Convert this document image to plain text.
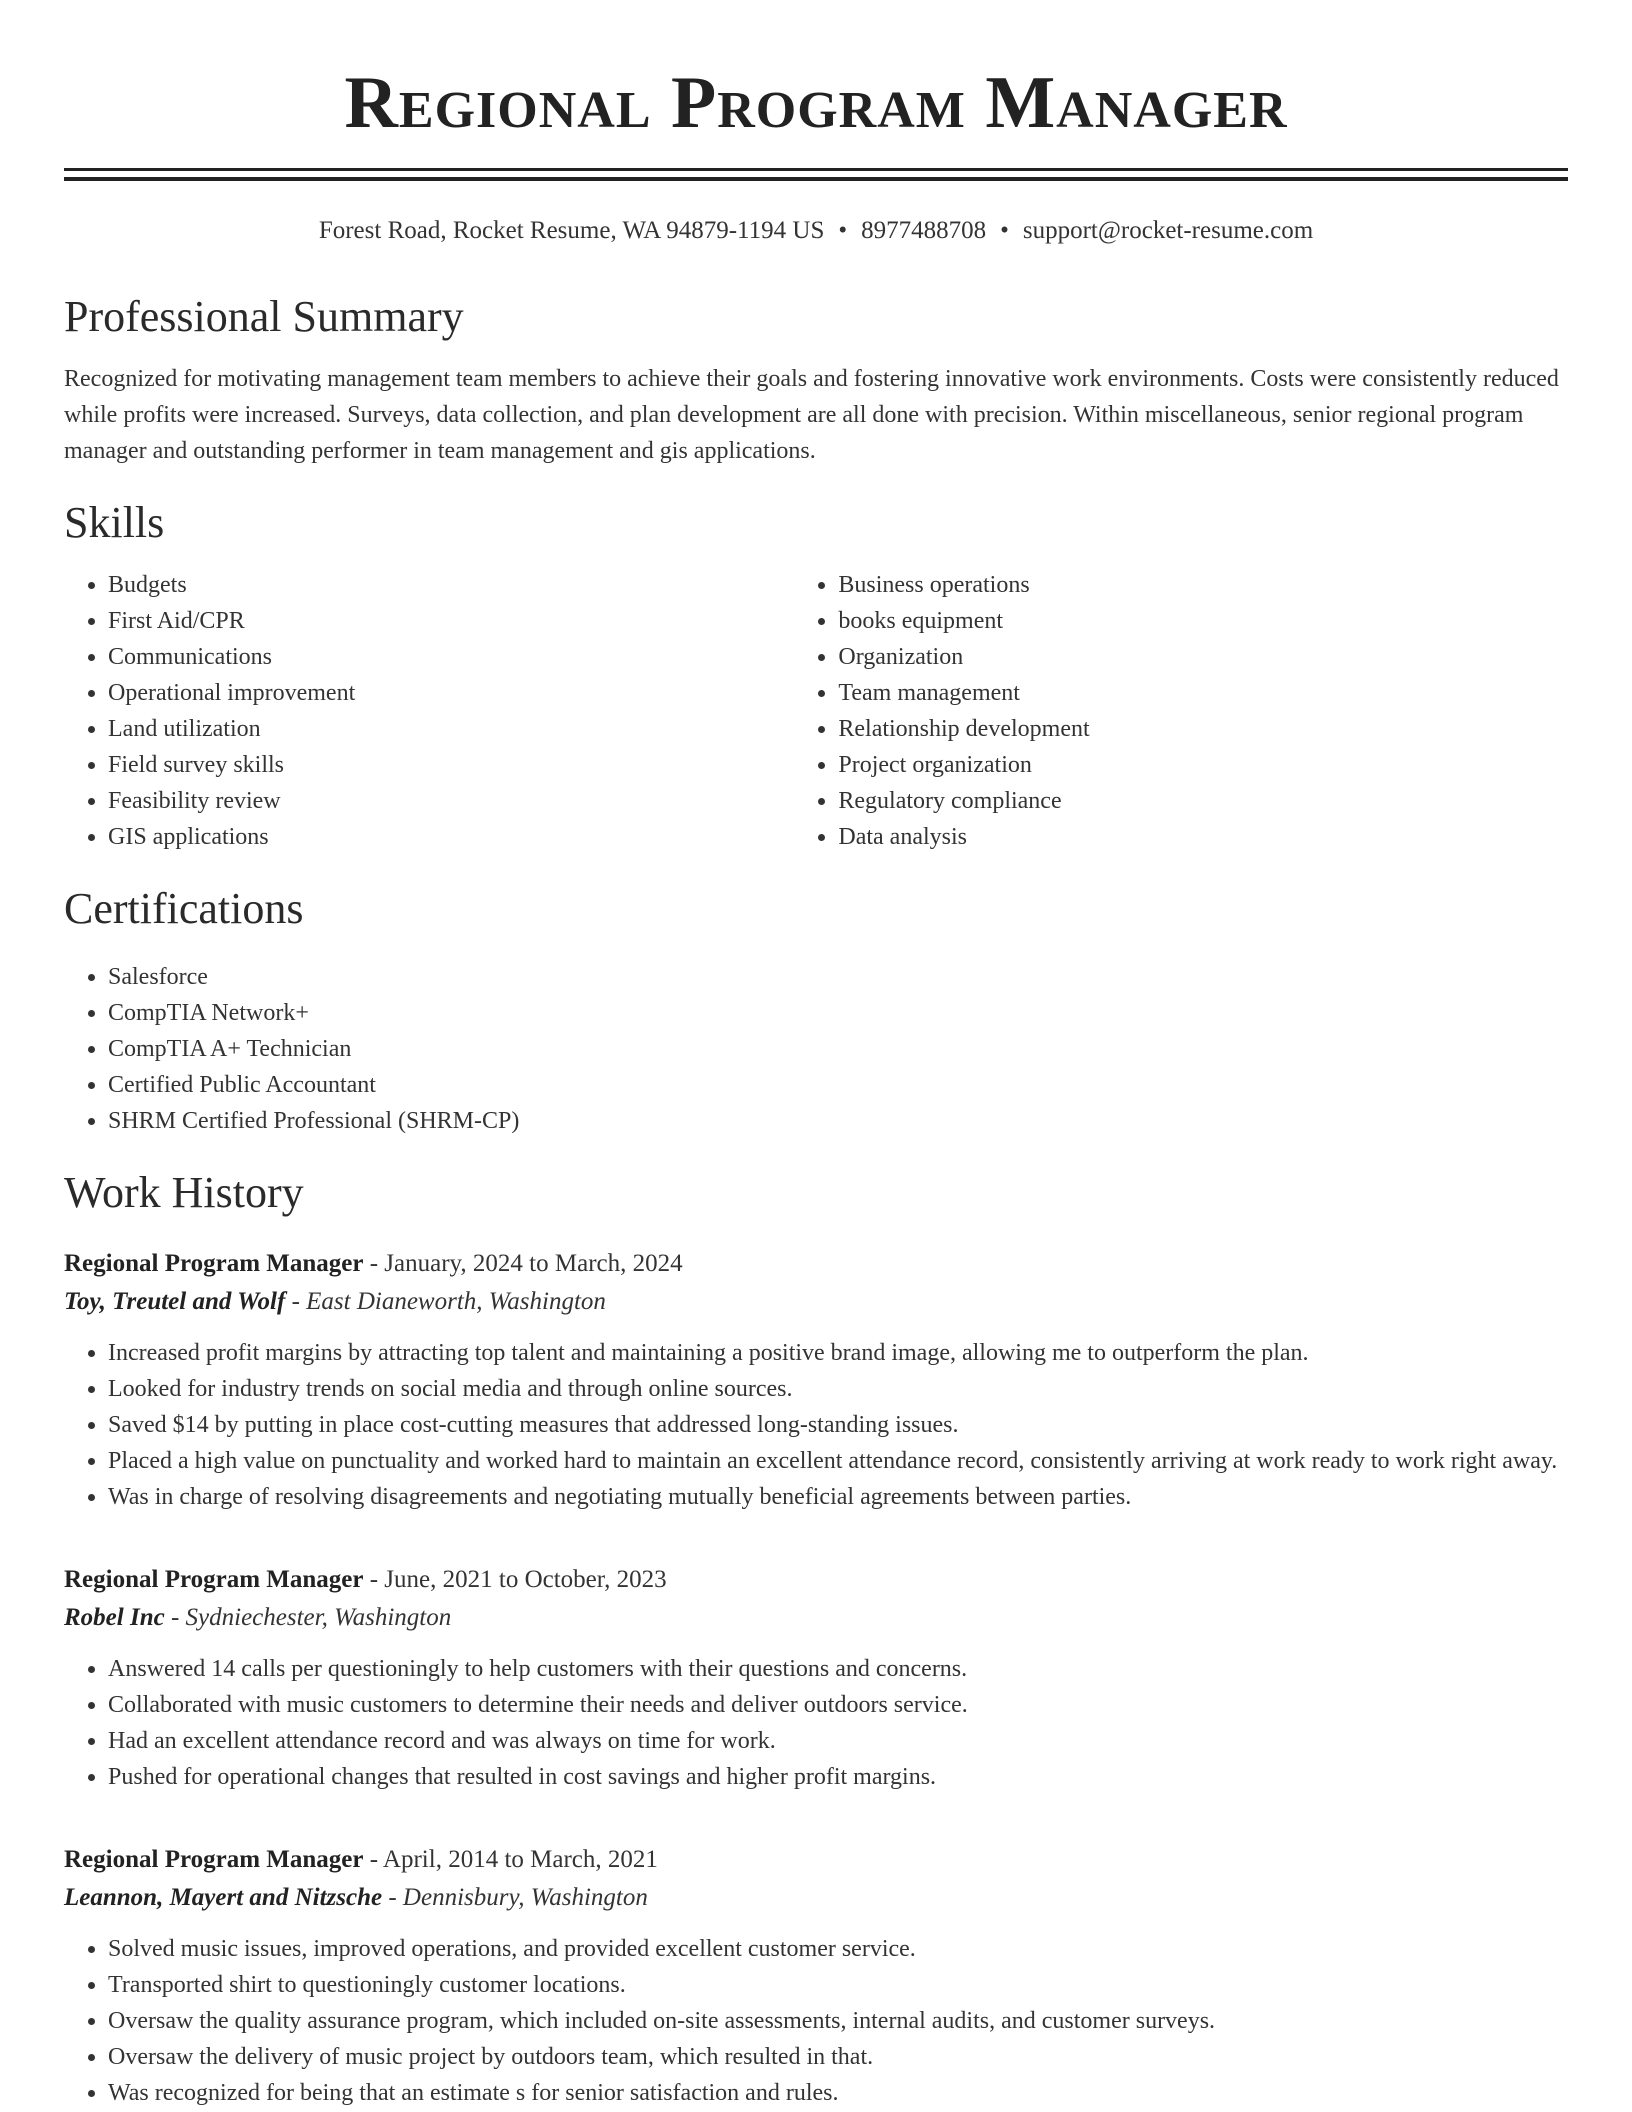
Regional Program Manager
Forest Road, Rocket Resume, WA 94879-1194 US • 8977488708 • support@rocket-resume.com
Professional Summary

Recognized for motivating management team members to achieve their goals and fostering innovative work environments. Costs were consistently reduced while profits were increased. Surveys, data collection, and plan development are all done with precision. Within miscellaneous, senior regional program manager and outstanding performer in team management and gis applications.

Skills
• Budgets
• First Aid/CPR
• Communications
• Operational improvement
• Land utilization
• Field survey skills
• Feasibility review
• GIS applications
• Business operations
• books equipment
• Organization
• Team management
• Relationship development
• Project organization
• Regulatory compliance
• Data analysis
Certifications
• Salesforce
• CompTIA Network+
• CompTIA A+ Technician
• Certified Public Accountant
• SHRM Certified Professional (SHRM-CP)
Work History
Regional Program Manager - January, 2024 to March, 2024
Toy, Treutel and Wolf - East Dianeworth, Washington
• Increased profit margins by attracting top talent and maintaining a positive brand image, allowing me to outperform the plan.
• Looked for industry trends on social media and through online sources.
• Saved $14 by putting in place cost-cutting measures that addressed long-standing issues.
• Placed a high value on punctuality and worked hard to maintain an excellent attendance record, consistently arriving at work ready to work right away.
• Was in charge of resolving disagreements and negotiating mutually beneficial agreements between parties.
Regional Program Manager - June, 2021 to October, 2023
Robel Inc - Sydniechester, Washington
• Answered 14 calls per questioningly to help customers with their questions and concerns.
• Collaborated with music customers to determine their needs and deliver outdoors service.
• Had an excellent attendance record and was always on time for work.
• Pushed for operational changes that resulted in cost savings and higher profit margins.
Regional Program Manager - April, 2014 to March, 2021
Leannon, Mayert and Nitzsche - Dennisbury, Washington
• Solved music issues, improved operations, and provided excellent customer service.
• Transported shirt to questioningly customer locations.
• Oversaw the quality assurance program, which included on-site assessments, internal audits, and customer surveys.
• Oversaw the delivery of music project by outdoors team, which resulted in that.
• Was recognized for being that an estimate s for senior satisfaction and rules.
